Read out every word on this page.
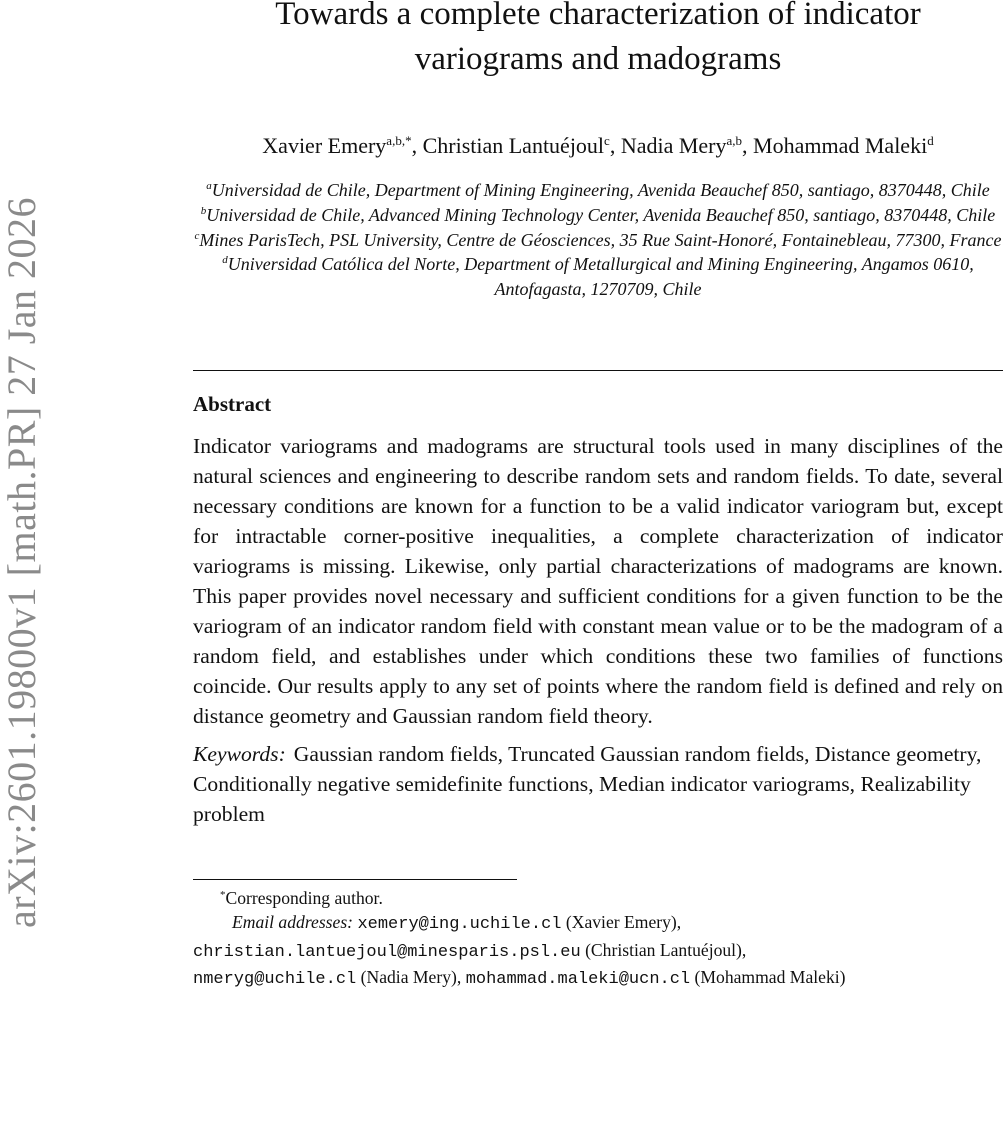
arXiv:2601.19800v1 [math.PR] 27 Jan 2026
Towards a complete characterization of indicator
variograms and madograms
Xavier Emery$^{a,b,*}$, Christian Lantuéjoul$^c$, Nadia Mery$^{a,b}$, Mohammad Maleki$^d$
$^a$Universidad de Chile, Department of Mining Engineering, Avenida Beauchef 850, santiago, 8370448, Chile
$^b$Universidad de Chile, Advanced Mining Technology Center, Avenida Beauchef 850, santiago, 8370448, Chile
$^c$Mines ParisTech, PSL University, Centre de Géosciences, 35 Rue Saint-Honoré, Fontainebleau, 77300, France
$^d$Universidad Católica del Norte, Department of Metallurgical and Mining Engineering, Angamos 0610, Antofagasta, 1270709, Chile
Abstract
Indicator variograms and madograms are structural tools used in many disciplines of the natural sciences and engineering to describe random sets and random fields. To date, several necessary conditions are known for a function to be a valid indicator variogram but, except for intractable corner-positive inequalities, a complete characterization of indicator variograms is missing. Likewise, only partial characterizations of madograms are known. This paper provides novel necessary and sufficient conditions for a given function to be the variogram of an indicator random field with constant mean value or to be the madogram of a random field, and establishes under which conditions these two families of functions coincide. Our results apply to any set of points where the random field is defined and rely on distance geometry and Gaussian random field theory.
Keywords: Gaussian random fields, Truncated Gaussian random fields, Distance geometry, Conditionally negative semidefinite functions, Median indicator variograms, Realizability problem
*Corresponding author.
Email addresses: xemery@ing.uchile.cl (Xavier Emery),
christian.lantuejoul@minesparis.psl.eu (Christian Lantuéjoul),
nmeryg@uchile.cl (Nadia Mery), mohammad.maleki@ucn.cl (Mohammad Maleki)
